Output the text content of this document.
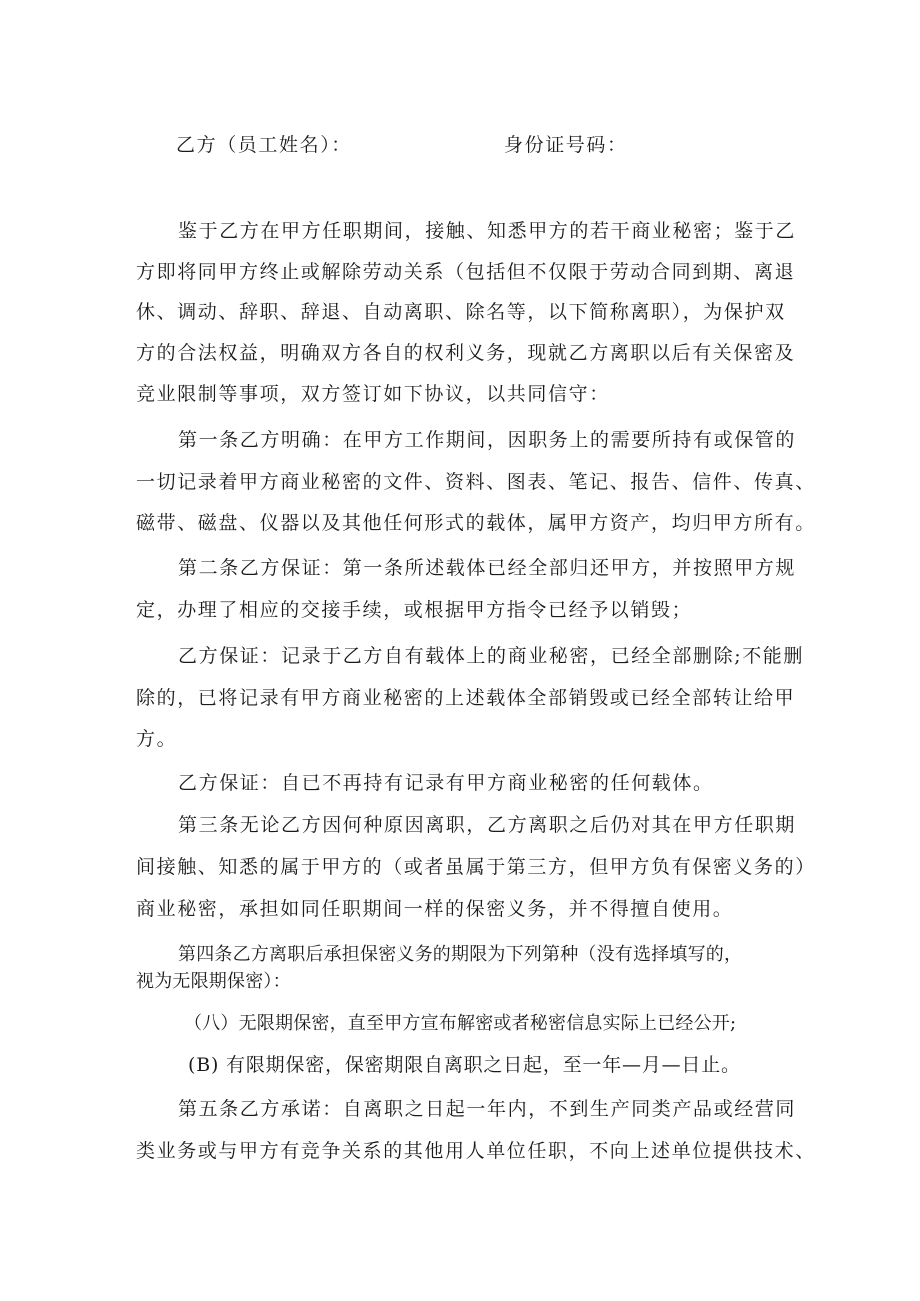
乙方（员工姓名）：	身份证号码：
鉴于乙方在甲方任职期间，接触、知悉甲方的若干商业秘密；鉴于乙
方即将同甲方终止或解除劳动关系（包括但不仅限于劳动合同到期、离退
休、调动、辞职、辞退、自动离职、除名等，以下简称离职），为保护双
方的合法权益，明确双方各自的权利义务，现就乙方离职以后有关保密及
竞业限制等事项，双方签订如下协议，以共同信守：
第一条乙方明确：在甲方工作期间，因职务上的需要所持有或保管的
一切记录着甲方商业秘密的文件、资料、图表、笔记、报告、信件、传真、
磁带、磁盘、仪器以及其他任何形式的载体，属甲方资产，均归甲方所有。
第二条乙方保证：第一条所述载体已经全部归还甲方，并按照甲方规
定，办理了相应的交接手续，或根据甲方指令已经予以销毁；
乙方保证：记录于乙方自有载体上的商业秘密，已经全部删除;不能删
除的，已将记录有甲方商业秘密的上述载体全部销毁或已经全部转让给甲
方。
乙方保证：自已不再持有记录有甲方商业秘密的任何载体。
第三条无论乙方因何种原因离职，乙方离职之后仍对其在甲方任职期
间接触、知悉的属于甲方的（或者虽属于第三方，但甲方负有保密义务的）
商业秘密，承担如同任职期间一样的保密义务，并不得擅自使用。
第四条乙方离职后承担保密义务的期限为下列第种（没有选择填写的，
视为无限期保密）：
（八）无限期保密，直至甲方宣布解密或者秘密信息实际上已经公开;
(B) 有限期保密，保密期限自离职之日起，至一年—月—日止。
第五条乙方承诺：自离职之日起一年内，不到生产同类产品或经营同
类业务或与甲方有竞争关系的其他用人单位任职，不向上述单位提供技术、
